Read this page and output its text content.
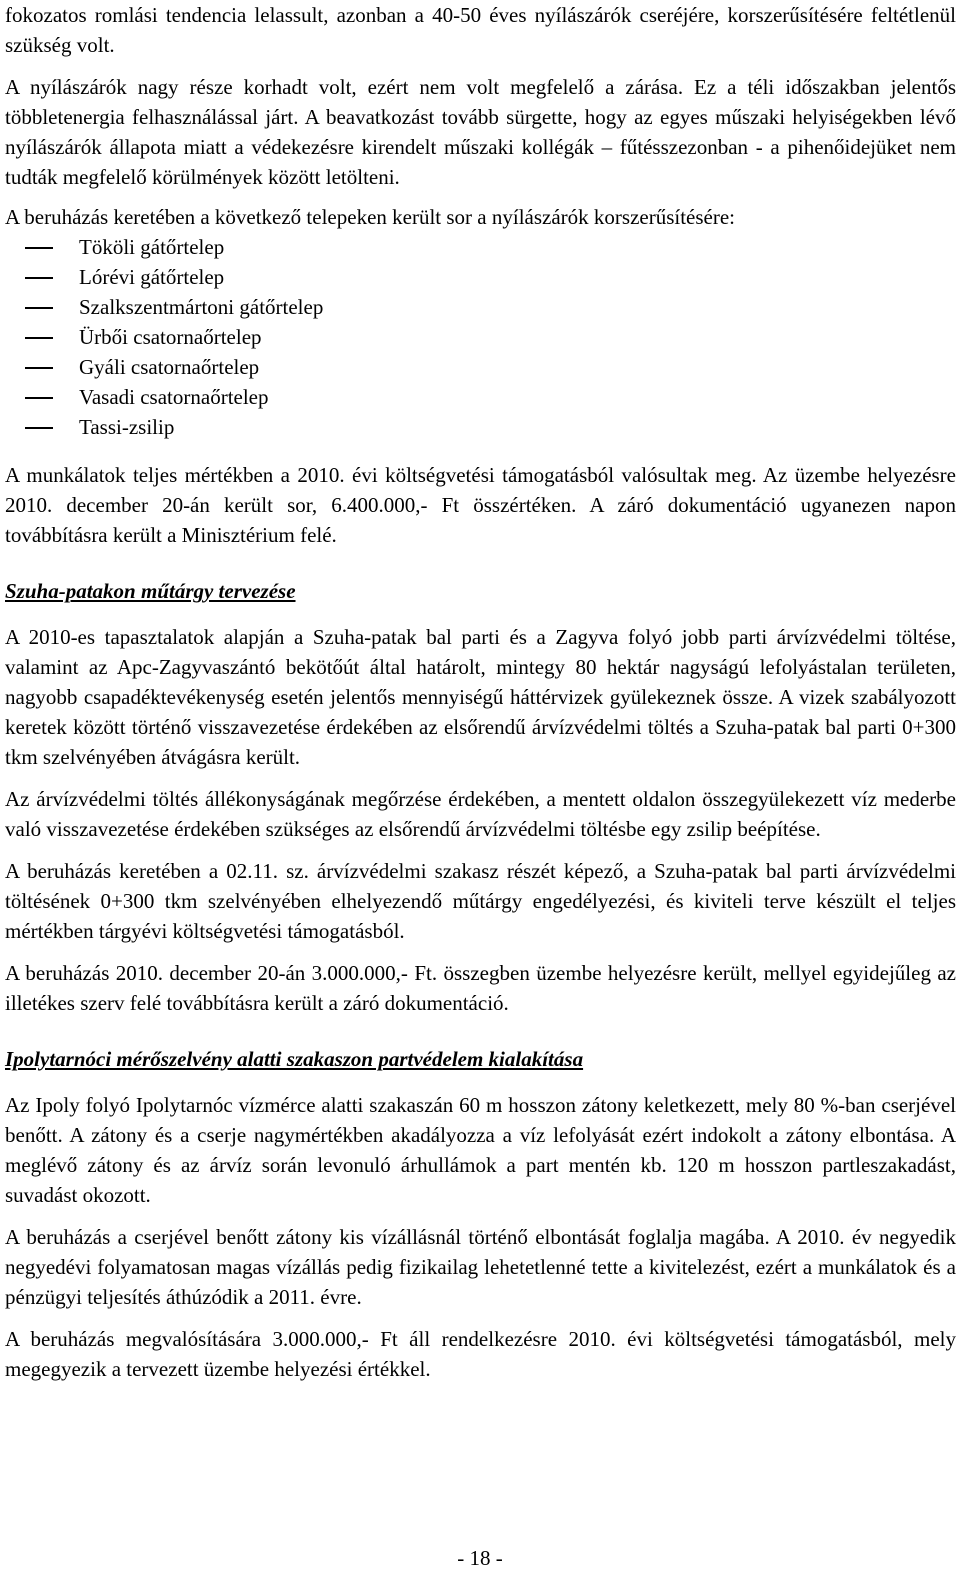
fokozatos romlási tendencia lelassult, azonban a 40-50 éves nyílászárók cseréjére, korszerűsítésére feltétlenül szükség volt.

A nyílászárók nagy része korhadt volt, ezért nem volt megfelelő a zárása. Ez a téli időszakban jelentős többletenergia felhasználással járt. A beavatkozást tovább sürgette, hogy az egyes műszaki helyiségekben lévő nyílászárók állapota miatt a védekezésre kirendelt műszaki kollégák – fűtésszezonban - a pihenőidejüket nem tudták megfelelő körülmények között letölteni.

A beruházás keretében a következő telepeken került sor a nyílászárók korszerűsítésére:

Tököli gátőrtelep
Lórévi gátőrtelep
Szalkszentmártoni gátőrtelep
Ürbői csatornaőrtelep
Gyáli csatornaőrtelep
Vasadi csatornaőrtelep
Tassi-zsilip

A munkálatok teljes mértékben a 2010. évi költségvetési támogatásból valósultak meg. Az üzembe helyezésre 2010. december 20-án került sor, 6.400.000,- Ft összértéken. A záró dokumentáció ugyanezen napon továbbításra került a Minisztérium felé.

Szuha-patakon műtárgy tervezése

A 2010-es tapasztalatok alapján a Szuha-patak bal parti és a Zagyva folyó jobb parti árvízvédelmi töltése, valamint az Apc-Zagyvaszántó bekötőút által határolt, mintegy 80 hektár nagyságú lefolyástalan területen, nagyobb csapadéktevékenység esetén jelentős mennyiségű háttérvizek gyülekeznek össze. A vizek szabályozott keretek között történő visszavezetése érdekében az elsőrendű árvízvédelmi töltés a Szuha-patak bal parti 0+300 tkm szelvényében átvágásra került.

Az árvízvédelmi töltés állékonyságának megőrzése érdekében, a mentett oldalon összegyülekezett víz mederbe való visszavezetése érdekében szükséges az elsőrendű árvízvédelmi töltésbe egy zsilip beépítése.

A beruházás keretében a 02.11. sz. árvízvédelmi szakasz részét képező, a Szuha-patak bal parti árvízvédelmi töltésének 0+300 tkm szelvényében elhelyezendő műtárgy engedélyezési, és kiviteli terve készült el teljes mértékben tárgyévi költségvetési támogatásból.

A beruházás 2010. december 20-án 3.000.000,- Ft. összegben üzembe helyezésre került, mellyel egyidejűleg az illetékes szerv felé továbbításra került a záró dokumentáció.

Ipolytarnóci mérőszelvény alatti szakaszon partvédelem kialakítása

Az Ipoly folyó Ipolytarnóc vízmérce alatti szakaszán 60 m hosszon zátony keletkezett, mely 80 %-ban cserjével benőtt. A zátony és a cserje nagymértékben akadályozza a víz lefolyását ezért indokolt a zátony elbontása. A meglévő zátony és az árvíz során levonuló árhullámok a part mentén kb. 120 m hosszon partleszakadást, suvadást okozott.

A beruházás a cserjével benőtt zátony kis vízállásnál történő elbontását foglalja magába. A 2010. év negyedik negyedévi folyamatosan magas vízállás pedig fizikailag lehetetlenné tette a kivitelezést, ezért a munkálatok és a pénzügyi teljesítés áthúzódik a 2011. évre.

A beruházás megvalósítására 3.000.000,- Ft áll rendelkezésre 2010. évi költségvetési támogatásból, mely megegyezik a tervezett üzembe helyezési értékkel.

- 18 -
